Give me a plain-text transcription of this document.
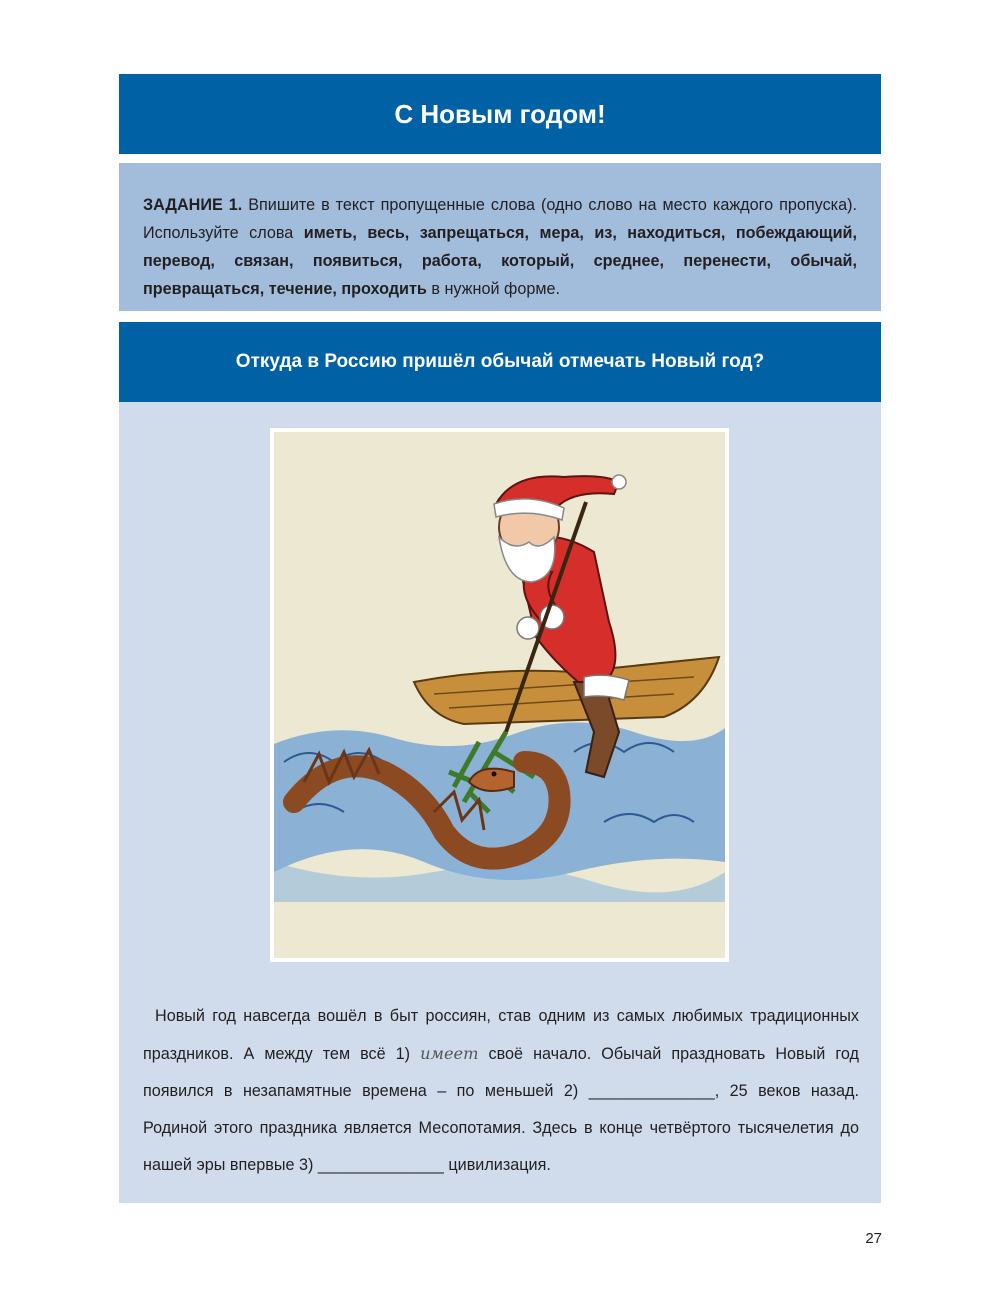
С Новым годом!
ЗАДАНИЕ 1. Впишите в текст пропущенные слова (одно слово на место каждого пропуска). Используйте слова иметь, весь, запрещаться, мера, из, находиться, побеждающий, перевод, связан, появиться, работа, который, среднее, перенести, обычай, превращаться, течение, проходить в нужной форме.
Откуда в Россию пришёл обычай отмечать Новый год?
Новый год навсегда вошёл в быт россиян, став одним из самых любимых традиционных праздников. А между тем всё 1) имеет своё начало. Обычай праздновать Новый год появился в незапамятные времена – по меньшей 2) ______________, 25 веков назад. Родиной этого праздника является Месопотамия. Здесь в конце четвёртого тысячелетия до нашей эры впервые 3) ______________ цивилизация.
27
